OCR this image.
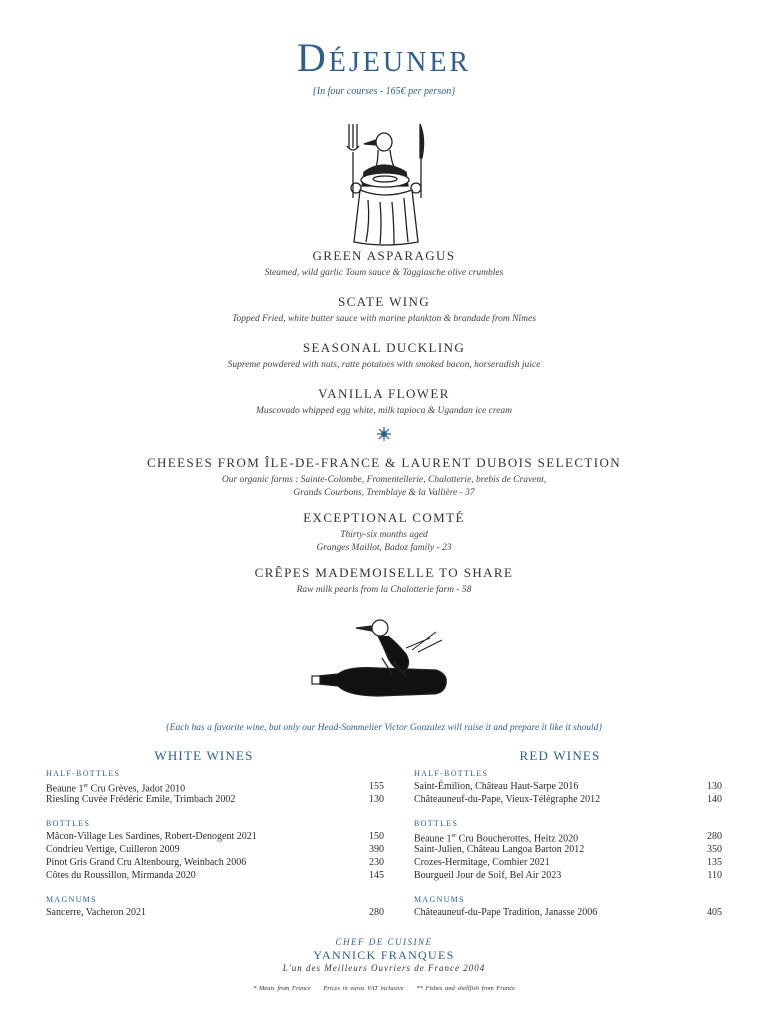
Déjeuner
{In four courses - 165€ per person}
GREEN ASPARAGUS
Steamed, wild garlic Toum sauce & Taggiasche olive crumbles
SCATE WING
Topped Fried, white butter sauce with marine plankton & brandade from Nîmes
SEASONAL DUCKLING
Supreme powdered with nuts, ratte potatoes with smoked bacon, horseradish juice
VANILLA FLOWER
Muscovado whipped egg white, milk tapioca & Ugandan ice cream
CHEESES FROM ÎLE-DE-FRANCE & LAURENT DUBOIS SELECTION
Our organic farms : Sainte-Colombe, Fromentellerie, Chalotterie, brebis de Cravent,
Grands Courbons, Tremblaye & la Vallière - 37
EXCEPTIONAL COMTÉ
Thirty-six months aged
Granges Maillot, Badoz family - 23
CRÊPES MADEMOISELLE TO SHARE
Raw milk pearls from la Chalotterie farm - 58
{Each has a favorite wine, but only our Head-Sommelier Victor Gonzalez will raise it and prepare it like it should}
WHITE WINES
HALF-BOTTLES
Beaune 1er Cru Grèves, Jadot 2010	155
Riesling Cuvée Frédéric Emile, Trimbach 2002	130
BOTTLES
Mâcon-Village Les Sardines, Robert-Denogent 2021	150
Condrieu Vertige, Cuilleron 2009	390
Pinot Gris Grand Cru Altenbourg, Weinbach 2006	230
Côtes du Roussillon, Mirmanda 2020	145
MAGNUMS
Sancerre, Vacheron 2021	280
RED WINES
HALF-BOTTLES
Saint-Émilion, Château Haut-Sarpe 2016	130
Châteauneuf-du-Pape, Vieux-Télégraphe 2012	140
BOTTLES
Beaune 1er Cru Boucherottes, Heitz 2020	280
Saint-Julien, Château Langoa Barton 2012	350
Crozes-Hermitage, Combier 2021	135
Bourgueil Jour de Soif, Bel Air 2023	110
MAGNUMS
Châteauneuf-du-Pape Tradition, Janasse 2006	405
CHEF DE CUISINE
YANNICK FRANQUES
L'un des Meilleurs Ouvriers de France 2004
* Meats from France Prices in euros VAT inclusive ** Fishes and shellfish from France
